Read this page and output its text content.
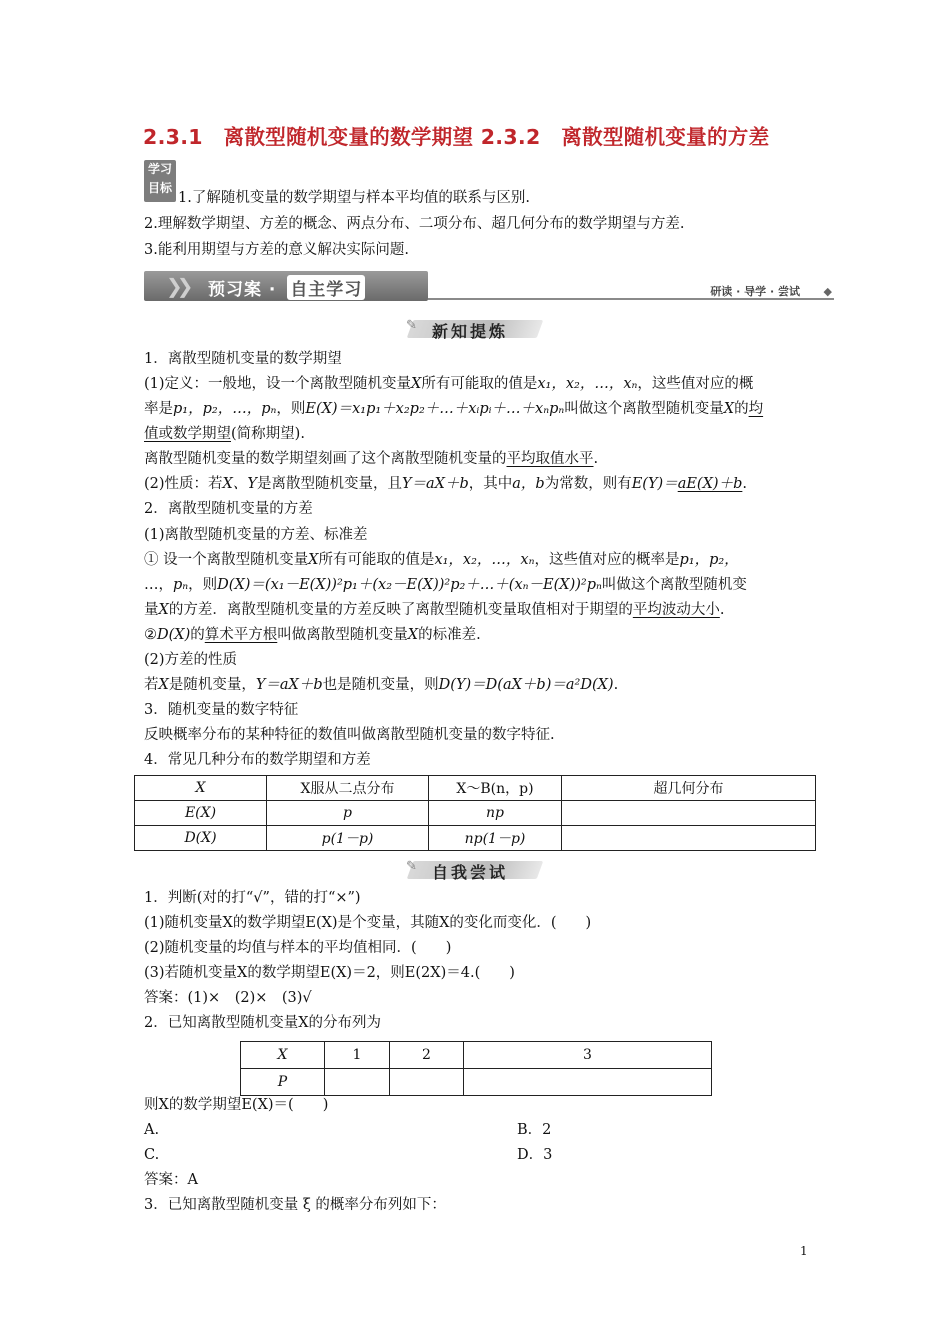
2.3.1　离散型随机变量的数学期望 2.3.2　离散型随机变量的方差
学习
目标
1.了解随机变量的数学期望与样本平均值的联系与区别.
2.理解数学期望、方差的概念、两点分布、二项分布、超几何分布的数学期望与方差.
3.能利用期望与方差的意义解决实际问题.
❯❯ 预习案 · 自主学习	研读 · 导学 · 尝试 ◆
✎ 新知提炼
1．离散型随机变量的数学期望
(1)定义：一般地，设一个离散型随机变量X所有可能取的值是x₁，x₂，…，xₙ，这些值对应的概
率是p₁，p₂，…，pₙ，则E(X)＝x₁p₁＋x₂p₂＋…＋xᵢpᵢ＋…＋xₙpₙ叫做这个离散型随机变量X的均
值或数学期望(简称期望).
离散型随机变量的数学期望刻画了这个离散型随机变量的平均取值水平.
(2)性质：若X、Y是离散型随机变量，且Y＝aX＋b，其中a，b为常数，则有E(Y)＝aE(X)＋b.
2．离散型随机变量的方差
(1)离散型随机变量的方差、标准差
① 设一个离散型随机变量X所有可能取的值是x₁，x₂，…，xₙ，这些值对应的概率是p₁，p₂，
…，pₙ，则D(X)＝(x₁－E(X))²p₁＋(x₂－E(X))²p₂＋…＋(xₙ－E(X))²pₙ叫做这个离散型随机变
量X的方差．离散型随机变量的方差反映了离散型随机变量取值相对于期望的平均波动大小.
②D(X)的算术平方根叫做离散型随机变量X的标准差.
(2)方差的性质
若X是随机变量，Y＝aX＋b也是随机变量，则D(Y)＝D(aX＋b)＝a²D(X).
3．随机变量的数字特征
反映概率分布的某种特征的数值叫做离散型随机变量的数字特征.
4．常见几种分布的数学期望和方差
X	X服从二点分布	X～B(n，p)	超几何分布
E(X)	p	np	
D(X)	p(1－p)	np(1－p)	
✎ 自我尝试
1．判断(对的打“√”，错的打“×”)
(1)随机变量X的数学期望E(X)是个变量，其随X的变化而变化．(　　)
(2)随机变量的均值与样本的平均值相同．(　　)
(3)若随机变量X的数学期望E(X)＝2，则E(2X)＝4.(　　)
答案：(1)×　(2)×　(3)√
2．已知离散型随机变量X的分布列为
X	1	2	3
P			
则X的数学期望E(X)＝(　　)
A.	B．2
C.	D．3
答案：A
3．已知离散型随机变量 ξ 的概率分布列如下：
1
